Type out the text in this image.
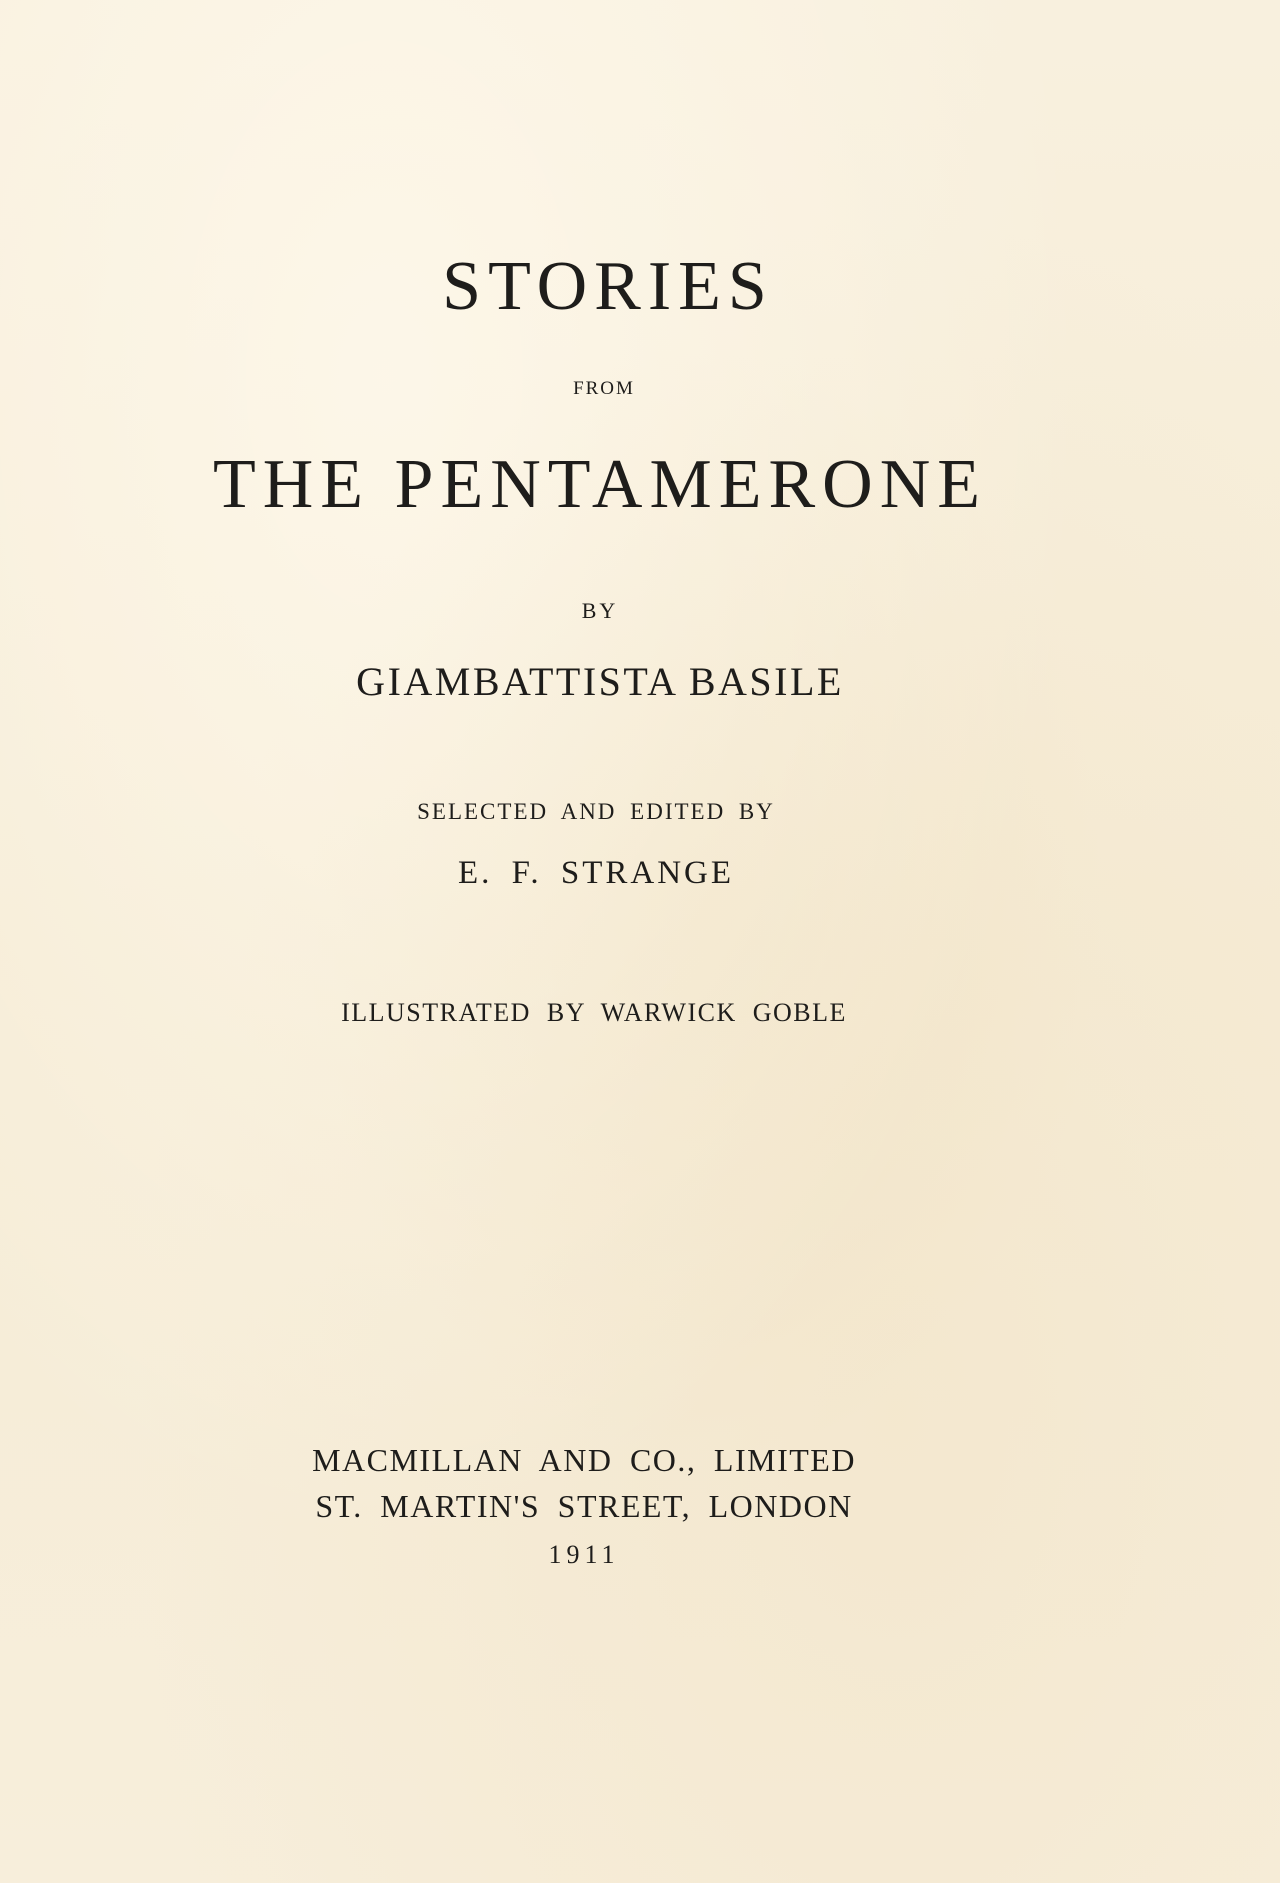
STORIES
FROM
THE PENTAMERONE
BY
GIAMBATTISTA BASILE
SELECTED AND EDITED BY
E. F. STRANGE
ILLUSTRATED BY WARWICK GOBLE
MACMILLAN AND CO., LIMITED
ST. MARTIN'S STREET, LONDON
1911
